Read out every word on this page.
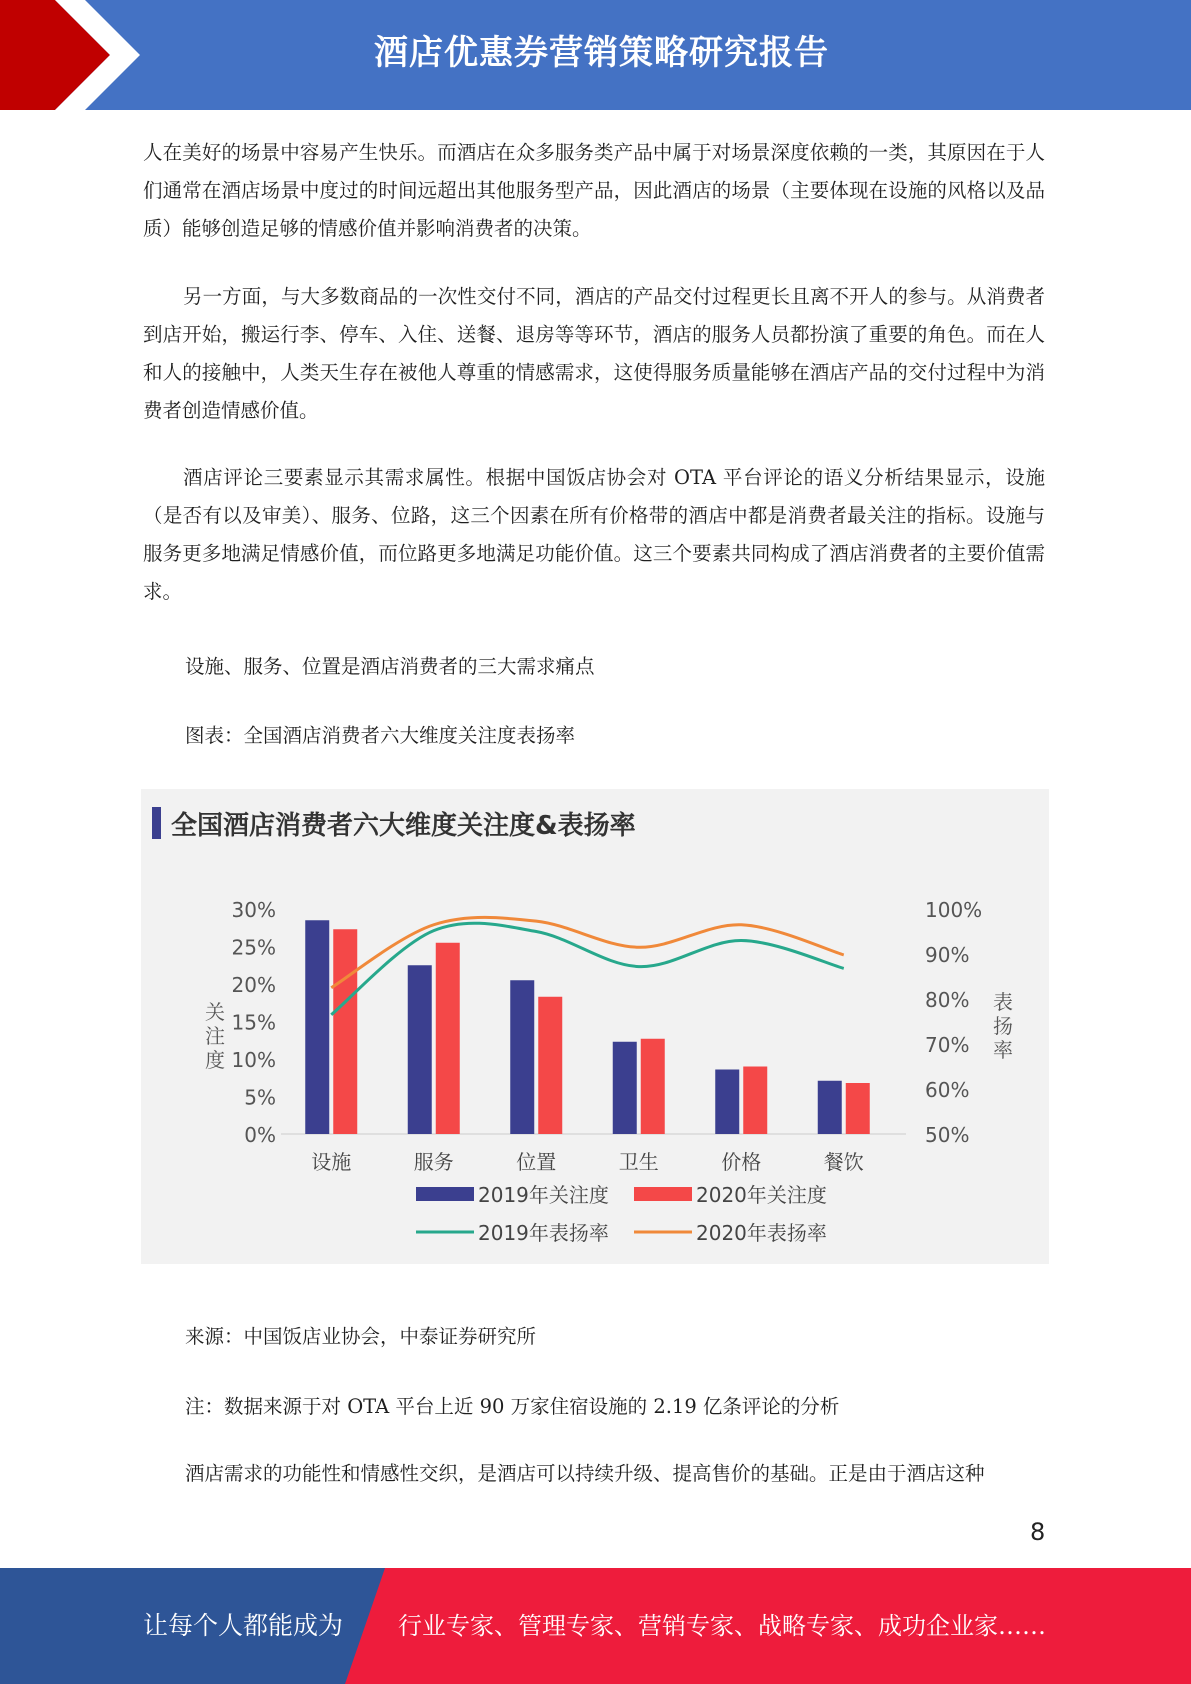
酒店优惠券营销策略研究报告
人在美好的场景中容易产生快乐。而酒店在众多服务类产品中属于对场景深度依赖的一类，其原因在于人们通常在酒店场景中度过的时间远超出其他服务型产品，因此酒店的场景（主要体现在设施的风格以及品质）能够创造足够的情感价值并影响消费者的决策。
另一方面，与大多数商品的一次性交付不同，酒店的产品交付过程更长且离不开人的参与。从消费者到店开始，搬运行李、停车、入住、送餐、退房等等环节，酒店的服务人员都扮演了重要的角色。而在人和人的接触中，人类天生存在被他人尊重的情感需求，这使得服务质量能够在酒店产品的交付过程中为消费者创造情感价值。
酒店评论三要素显示其需求属性。根据中国饭店协会对 OTA 平台评论的语义分析结果显示，设施（是否有以及审美）、服务、位路，这三个因素在所有价格带的酒店中都是消费者最关注的指标。设施与服务更多地满足情感价值，而位路更多地满足功能价值。这三个要素共同构成了酒店消费者的主要价值需求。
设施、服务、位置是酒店消费者的三大需求痛点
图表：全国酒店消费者六大维度关注度表扬率
全国酒店消费者六大维度关注度&表扬率
0%
5%
10%
15%
20%
25%
30%
50%
60%
70%
80%
90%
100%
关
注
度
表
扬
率
设施	服务	位置	卫生	价格	餐饮
2019年关注度	2020年关注度
2019年表扬率	2020年表扬率
来源：中国饭店业协会，中泰证券研究所
注：数据来源于对 OTA 平台上近 90 万家住宿设施的 2.19 亿条评论的分析
酒店需求的功能性和情感性交织，是酒店可以持续升级、提高售价的基础。正是由于酒店这种
8
让每个人都能成为 行业专家、管理专家、营销专家、战略专家、成功企业家……
